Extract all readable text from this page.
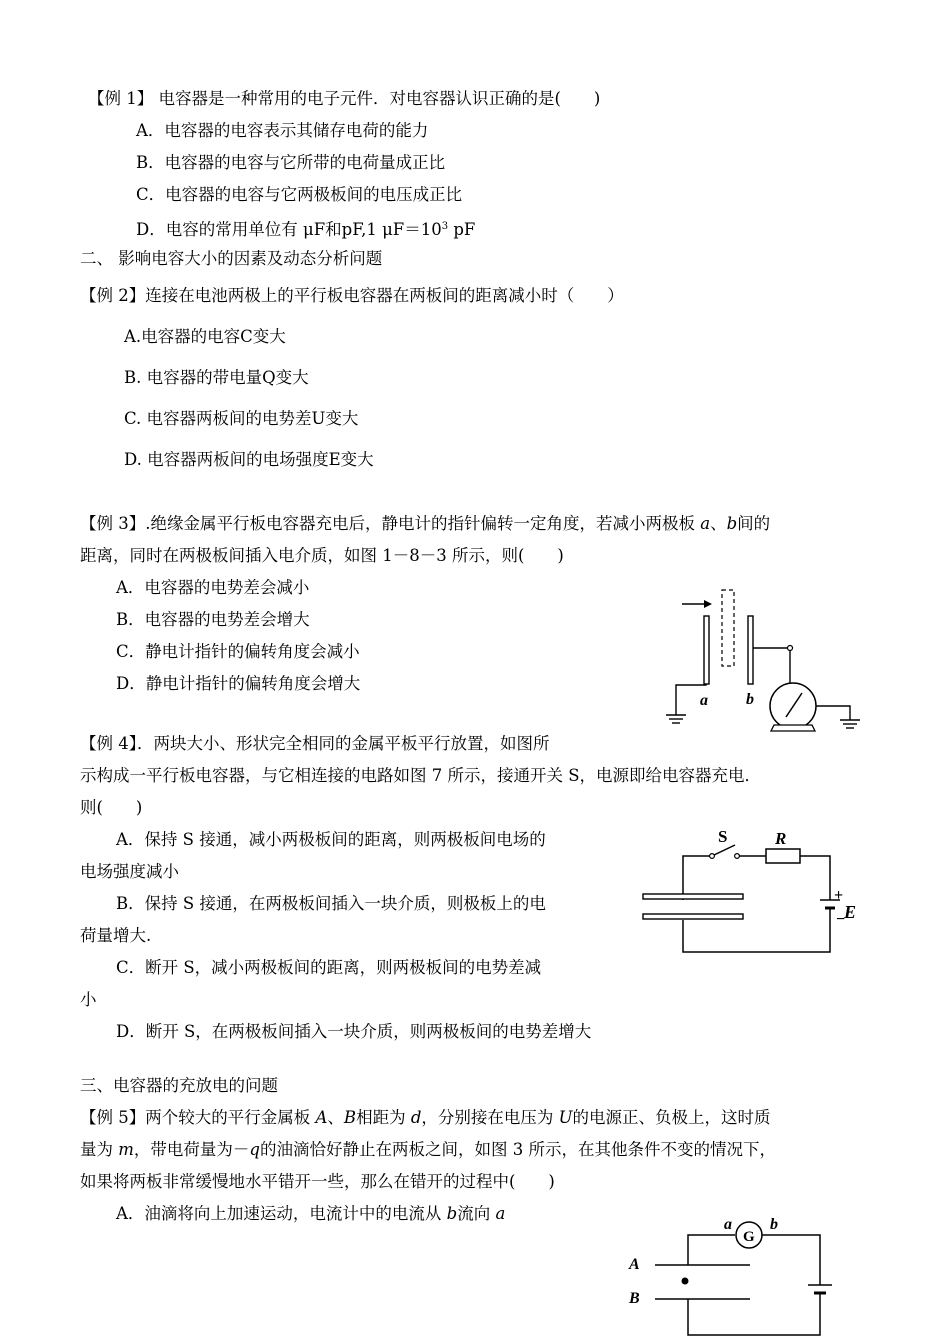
【例 1】 电容器是一种常用的电子元件．对电容器认识正确的是(　　)
A．电容器的电容表示其储存电荷的能力
B．电容器的电容与它所带的电荷量成正比
C．电容器的电容与它两极板间的电压成正比
D．电容的常用单位有 μF和pF,1 $\mu F=10^3$ pF
二、 影响电容大小的因素及动态分析问题
【例 2】连接在电池两极上的平行板电容器在两板间的距离减小时（　　）
A.电容器的电容C变大
B. 电容器的带电量Q变大
C. 电容器两板间的电势差U变大
D. 电容器两板间的电场强度E变大
【例 3】.绝缘金属平行板电容器充电后，静电计的指针偏转一定角度，若减小两极板 a、b间的
距离，同时在两极板间插入电介质，如图 1－8－3 所示，则(　　)
A．电容器的电势差会减小
B．电容器的电势差会增大
C．静电计指针的偏转角度会减小
D．静电计指针的偏转角度会增大
a b
【例 4】．两块大小、形状完全相同的金属平板平行放置，如图所
示构成一平行板电容器，与它相连接的电路如图 7 所示，接通开关 S，电源即给电容器充电．
则(　　)
A．保持 S 接通，减小两极板间的距离，则两极板间电场的
电场强度减小
B．保持 S 接通，在两极板间插入一块介质，则极板上的电
荷量增大.
C．断开 S，减小两极板间的距离，则两极板间的电势差减
小
D．断开 S，在两极板间插入一块介质，则两极板间的电势差增大
S	R
+
E
−
三、电容器的充放电的问题
【例 5】两个较大的平行金属板 A、B相距为 d，分别接在电压为 U的电源正、负极上，这时质
量为 m，带电荷量为－q的油滴恰好静止在两板之间，如图 3 所示，在其他条件不变的情况下，
如果将两板非常缓慢地水平错开一些，那么在错开的过程中(　　)
A．油滴将向上加速运动，电流计中的电流从 b流向 a
a
G
b
A
B
